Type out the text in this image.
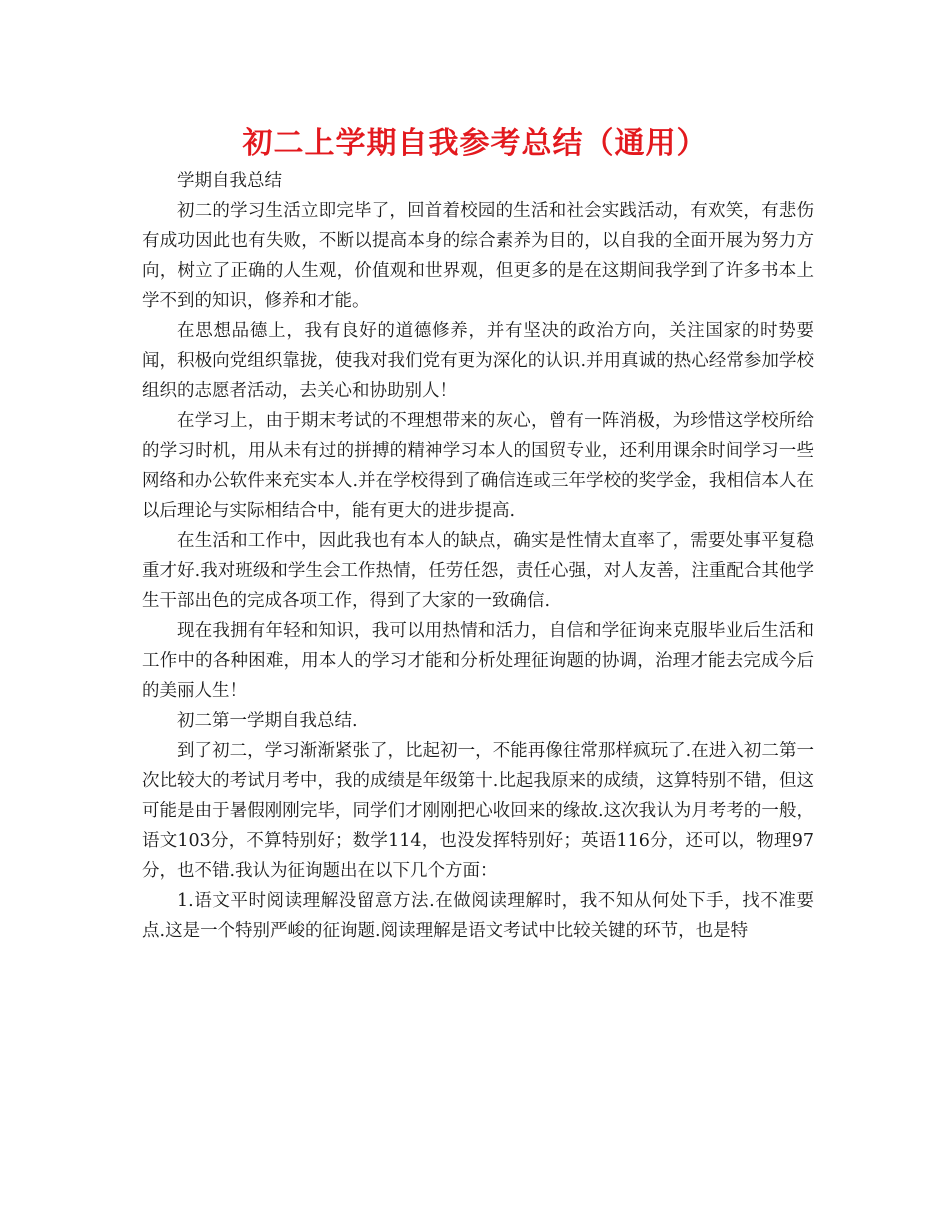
初二上学期自我参考总结（通用）

学期自我总结

初二的学习生活立即完毕了，回首着校园的生活和社会实践活动，有欢笑，有悲伤有成功因此也有失败，不断以提高本身的综合素养为目的，以自我的全面开展为努力方向，树立了正确的人生观，价值观和世界观，但更多的是在这期间我学到了许多书本上学不到的知识，修养和才能。

在思想品德上，我有良好的道德修养，并有坚决的政治方向，关注国家的时势要闻，积极向党组织靠拢，使我对我们党有更为深化的认识.并用真诚的热心经常参加学校组织的志愿者活动，去关心和协助别人！

在学习上，由于期末考试的不理想带来的灰心，曾有一阵消极，为珍惜这学校所给的学习时机，用从未有过的拼搏的精神学习本人的国贸专业，还利用课余时间学习一些网络和办公软件来充实本人.并在学校得到了确信连或三年学校的奖学金，我相信本人在以后理论与实际相结合中，能有更大的进步提高.

在生活和工作中，因此我也有本人的缺点，确实是性情太直率了，需要处事平复稳重才好.我对班级和学生会工作热情，任劳任怨，责任心强，对人友善，注重配合其他学生干部出色的完成各项工作，得到了大家的一致确信.

现在我拥有年轻和知识，我可以用热情和活力，自信和学征询来克服毕业后生活和工作中的各种困难，用本人的学习才能和分析处理征询题的协调，治理才能去完成今后的美丽人生！

初二第一学期自我总结.

到了初二，学习渐渐紧张了，比起初一，不能再像往常那样疯玩了.在进入初二第一次比较大的考试月考中，我的成绩是年级第十.比起我原来的成绩，这算特别不错，但这可能是由于暑假刚刚完毕，同学们才刚刚把心收回来的缘故.这次我认为月考考的一般，语文103分，不算特别好；数学114，也没发挥特别好；英语116分，还可以，物理97分，也不错.我认为征询题出在以下几个方面：

1.语文平时阅读理解没留意方法.在做阅读理解时，我不知从何处下手，找不准要点.这是一个特别严峻的征询题.阅读理解是语文考试中比较关键的环节，也是特
